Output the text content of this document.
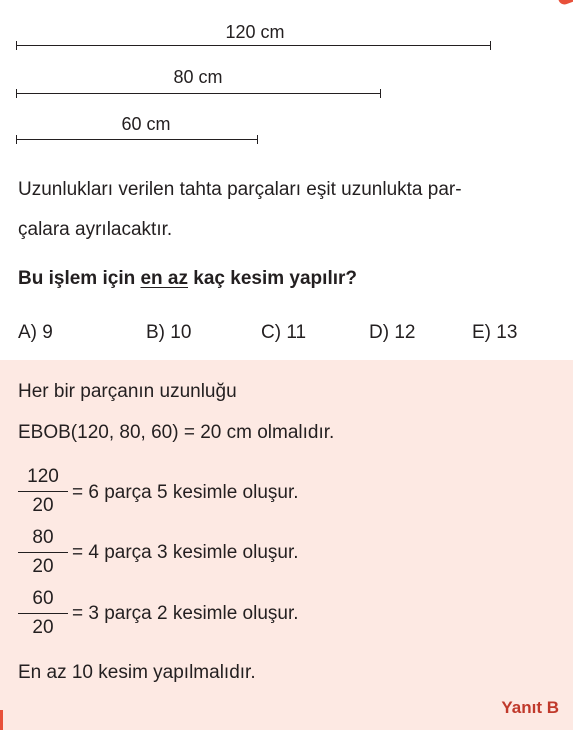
120 cm
80 cm
60 cm
Uzunlukları verilen tahta parçaları eşit uzunlukta par-
çalara ayrılacaktır.
Bu işlem için en az kaç kesim yapılır?
A) 9	B) 10	C) 11	D) 12	E) 13
Her bir parçanın uzunluğu
EBOB(120, 80, 60) = 20 cm olmalıdır.
120
20
= 6 parça 5 kesimle oluşur.
80
20
= 4 parça 3 kesimle oluşur.
60
20
= 3 parça 2 kesimle oluşur.
En az 10 kesim yapılmalıdır.
Yanıt B
